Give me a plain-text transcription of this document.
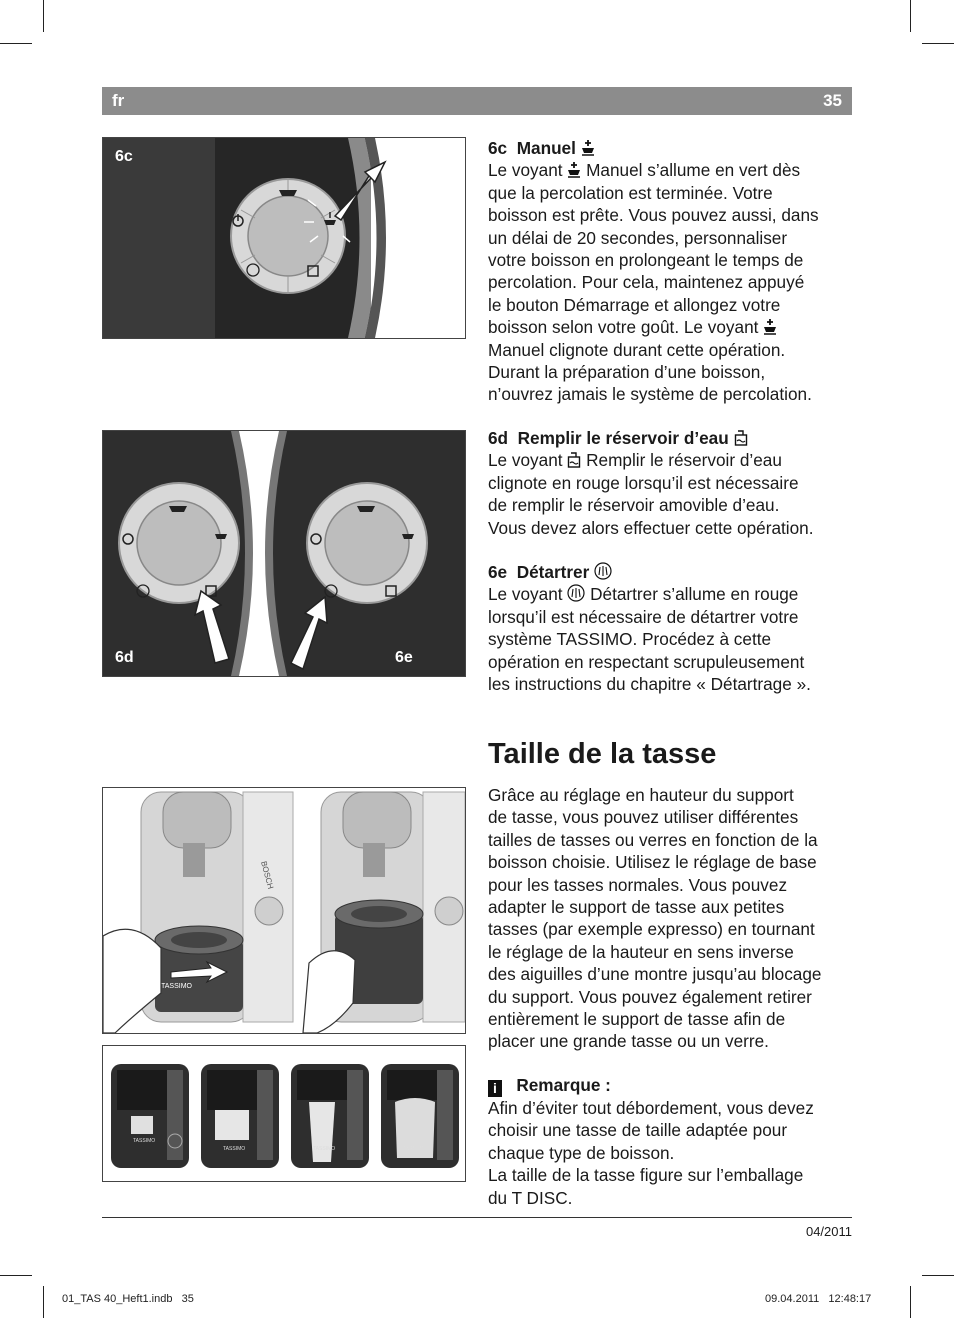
fr	35
6c
6d	6e
BOSCH
TASSIMO
TASSIMO
TASSIMO	TASSIMO	TASSIMO

6c Manuel

Le voyant Manuel s’allume en vert dès

que la percolation est terminée. Votre

boisson est prête. Vous pouvez aussi, dans

un délai de 20 secondes, personnaliser

votre boisson en prolongeant le temps de

percolation. Pour cela, maintenez appuyé

le bouton Démarrage et allongez votre

boisson selon votre goût. Le voyant

Manuel clignote durant cette opération.

Durant la préparation d’une boisson,

n’ouvrez jamais le système de percolation.

6d Remplir le réservoir d’eau

Le voyant Remplir le réservoir d’eau

clignote en rouge lorsqu’il est nécessaire

de remplir le réservoir amovible d’eau.

Vous devez alors effectuer cette opération.

6e Détartrer

Le voyant Détartrer s’allume en rouge

lorsqu’il est nécessaire de détartrer votre

système TASSIMO. Procédez à cette

opération en respectant scrupuleusement

les instructions du chapitre « Détartrage ».

Taille de la tasse

Grâce au réglage en hauteur du support

de tasse, vous pouvez utiliser différentes

tailles de tasses ou verres en fonction de la

boisson choisie. Utilisez le réglage de base

pour les tasses normales. Vous pouvez

adapter le support de tasse aux petites

tasses (par exemple expresso) en tournant

le réglage de la hauteur en sens inverse

des aiguilles d’une montre jusqu’au blocage

du support. Vous pouvez également retirer

entièrement le support de tasse afin de

placer une grande tasse ou un verre.

i Remarque :

Afin d’éviter tout débordement, vous devez

choisir une tasse de taille adaptée pour

chaque type de boisson.

La taille de la tasse figure sur l’emballage

du T DISC.

04/2011
01_TAS 40_Heft1.indb   35	09.04.2011   12:48:17
